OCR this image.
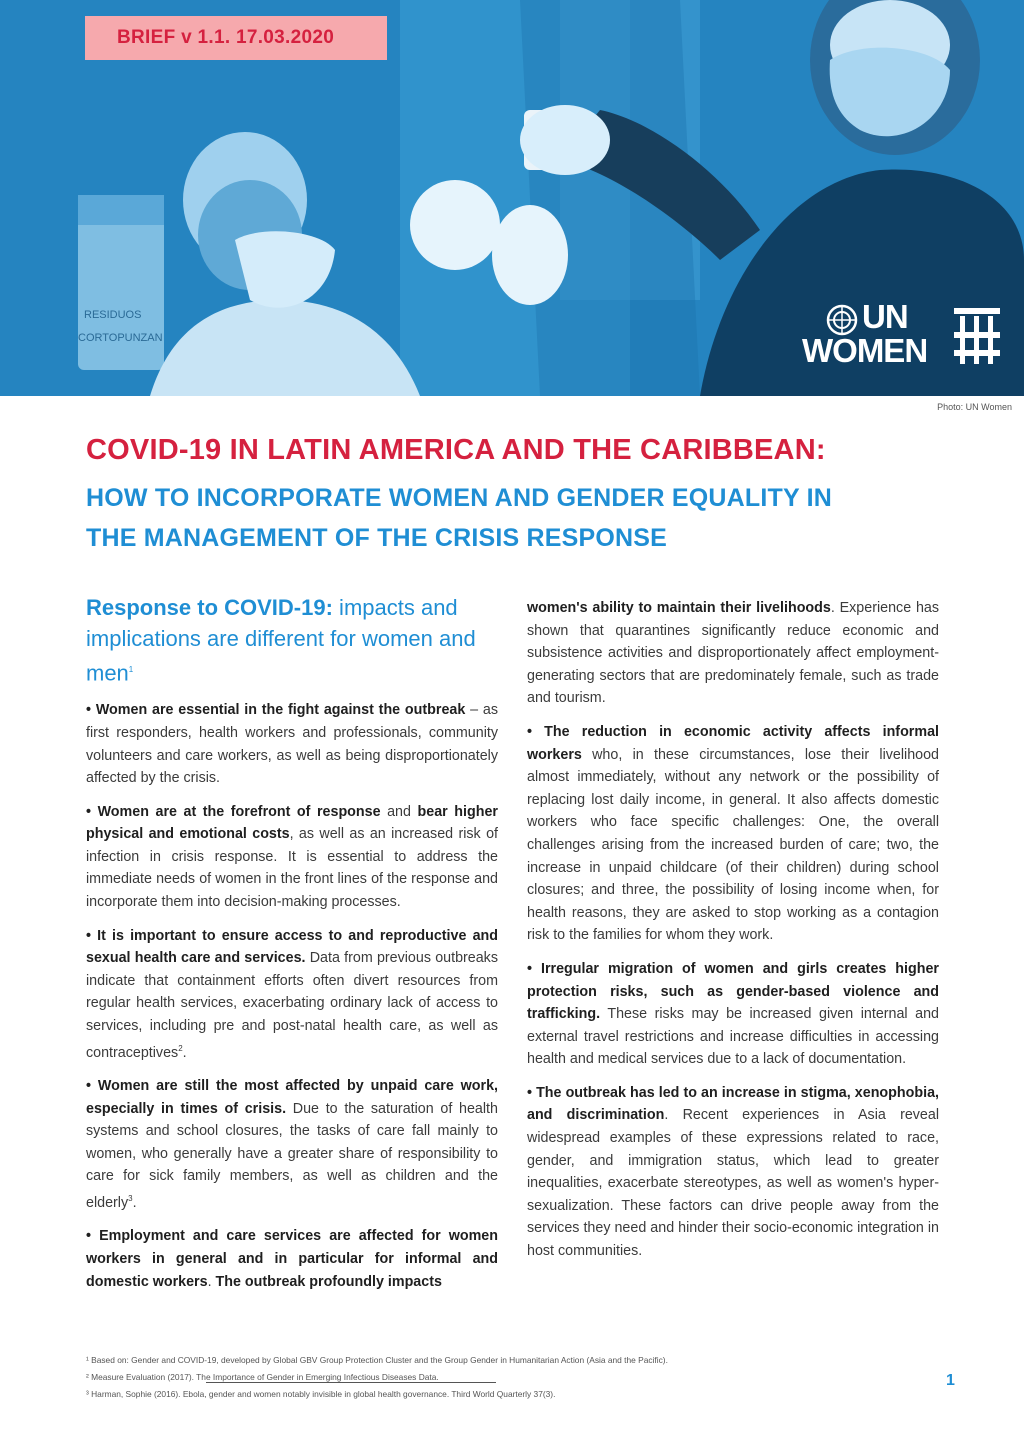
RESIDUOS
CORTOPUNZAN
BRIEF v 1.1. 17.03.2020
UN
WOMEN
Photo: UN Women
COVID-19 IN LATIN AMERICA AND THE CARIBBEAN:
HOW TO INCORPORATE WOMEN AND GENDER EQUALITY IN
THE MANAGEMENT OF THE CRISIS RESPONSE

Response to COVID-19: impacts and implications are different for women and men$^1$

• Women are essential in the fight against the outbreak – as first responders, health workers and professionals, community volunteers and care workers, as well as being disproportionately affected by the crisis.

• Women are at the forefront of response and bear higher physical and emotional costs, as well as an increased risk of infection in crisis response. It is essential to address the immediate needs of women in the front lines of the response and incorporate them into decision-making processes.

• It is important to ensure access to and reproductive and sexual health care and services. Data from previous outbreaks indicate that containment efforts often divert resources from regular health services, exacerbating ordinary lack of access to services, including pre and post-natal health care, as well as contraceptives$^2$.

• Women are still the most affected by unpaid care work, especially in times of crisis. Due to the saturation of health systems and school closures, the tasks of care fall mainly to women, who generally have a greater share of responsibility to care for sick family members, as well as children and the elderly$^3$.

• Employment and care services are affected for women workers in general and in particular for informal and domestic workers. The outbreak profoundly impacts

women's ability to maintain their livelihoods. Experience has shown that quarantines significantly reduce economic and subsistence activities and disproportionately affect employment-generating sectors that are predominately female, such as trade and tourism.

• The reduction in economic activity affects informal workers who, in these circumstances, lose their livelihood almost immediately, without any network or the possibility of replacing lost daily income, in general. It also affects domestic workers who face specific challenges: One, the overall challenges arising from the increased burden of care; two, the increase in unpaid childcare (of their children) during school closures; and three, the possibility of losing income when, for health reasons, they are asked to stop working as a contagion risk to the families for whom they work.

• Irregular migration of women and girls creates higher protection risks, such as gender-based violence and trafficking. These risks may be increased given internal and external travel restrictions and increase difficulties in accessing health and medical services due to a lack of documentation.

• The outbreak has led to an increase in stigma, xenophobia, and discrimination. Recent experiences in Asia reveal widespread examples of these expressions related to race, gender, and immigration status, which lead to greater inequalities, exacerbate stereotypes, as well as women's hyper-sexualization. These factors can drive people away from the services they need and hinder their socio-economic integration in host communities.

¹ Based on: Gender and COVID-19, developed by Global GBV Group Protection Cluster and the Group Gender in Humanitarian Action (Asia and the Pacific).
² Measure Evaluation (2017). The Importance of Gender in Emerging Infectious Diseases Data.
³ Harman, Sophie (2016). Ebola, gender and women notably invisible in global health governance. Third World Quarterly 37(3).
1
